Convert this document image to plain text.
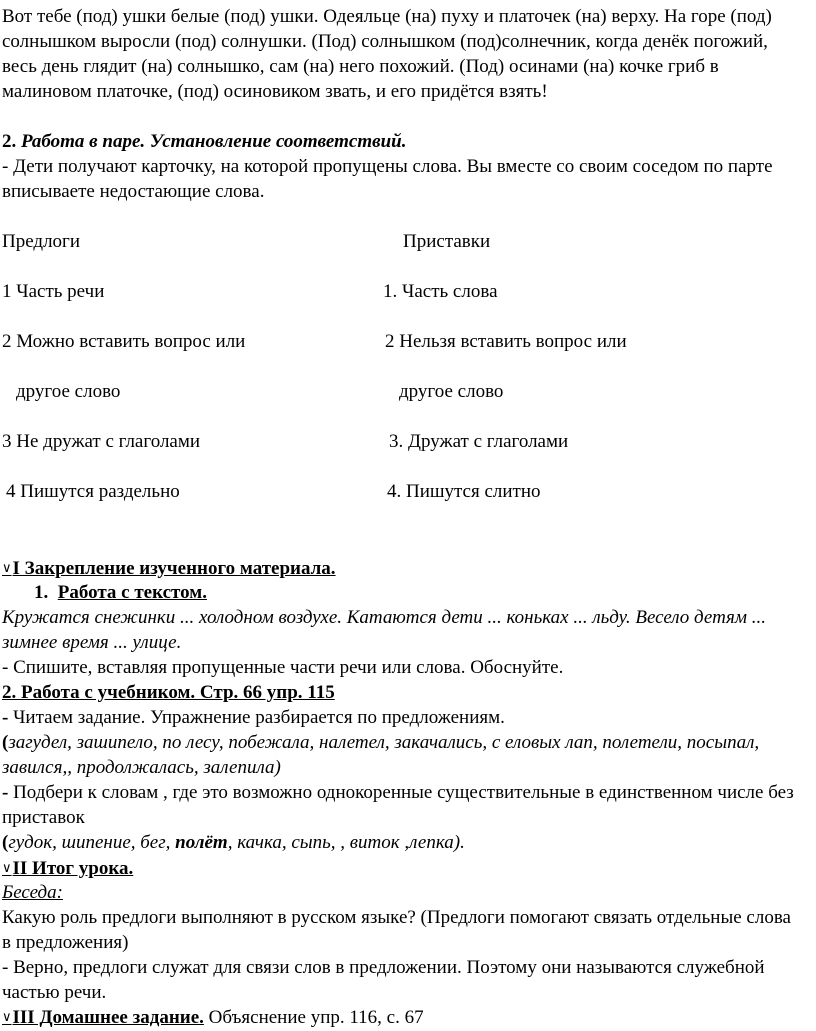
Вот тебе (под) ушки белые (под) ушки. Одеяльце (на) пуху и платочек (на) верху. На горе (под) солнышком выросли (под) солнушки. (Под) солнышком (под)солнечник, когда денёк погожий, весь день глядит (на) солнышко, сам (на) него похожий. (Под) осинами (на) кочке гриб в малиновом платочке, (под) осиновиком звать, и его придётся взять!

2. Работа в паре. Установление соответствий.

- Дети получают карточку, на которой пропущены слова. Вы вместе со своим соседом по парте вписываете недостающие слова.

Предлоги	Приставки
1 Часть речи	1. Часть слова
2 Можно вставить вопрос или	2 Нельзя вставить вопрос или
другое слово	другое слово
3 Не дружат с глаголами	3. Дружат с глаголами
4 Пишутся раздельно	4. Пишутся слитно

∨I Закрепление изученного материала.

1. Работа с текстом.

Кружатся снежинки ... холодном воздухе. Катаются дети ... коньках ... льду. Весело детям ... зимнее время ... улице.

- Спишите, вставляя пропущенные части речи или слова. Обоснуйте.

2. Работа с учебником. Стр. 66 упр. 115

- Читаем задание. Упражнение разбирается по предложениям.

(загудел, зашипело, по лесу, побежала, налетел, закачались, с еловых лап, полетели, посыпал, завился,, продолжалась, залепила)

- Подбери к словам , где это возможно однокоренные существительные в единственном числе без приставок

(гудок, шипение, бег, полёт, качка, сыпь, , виток ,лепка).

∨II Итог урока.

Беседа:

Какую роль предлоги выполняют в русском языке? (Предлоги помогают связать отдельные слова в предложения)

- Верно, предлоги служат для связи слов в предложении. Поэтому они называются служебной частью речи.

∨III Домашнее задание. Объяснение упр. 116, с. 67
